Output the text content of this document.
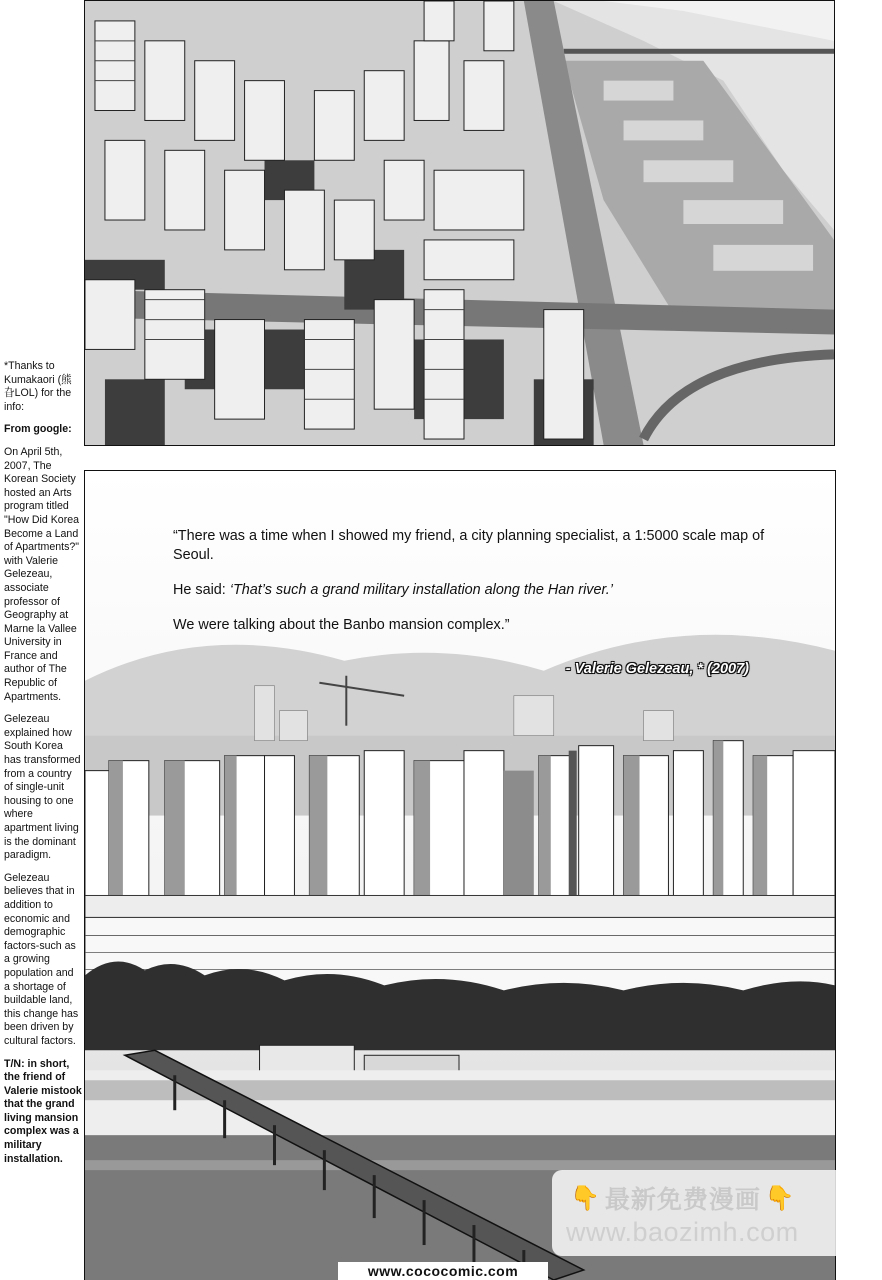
“There was a time when I showed my friend, a city planning specialist, a 1:5000 scale map of Seoul.

He said: ‘That’s such a grand military installation along the Han river.’

We were talking about the Banbo mansion complex.”

- Valerie Gelezeau, * (2007)

*Thanks to Kumakaori (熊旮LOL) for the info:

From google:

On April 5th, 2007, The Korean Society hosted an Arts program titled "How Did Korea Become a Land of Apartments?" with Valerie Gelezeau, associate professor of Geography at Marne la Vallee University in France and author of The Republic of Apartments.

Gelezeau explained how South Korea has transformed from a country of single-unit housing to one where apartment living is the dominant paradigm.

Gelezeau believes that in addition to economic and demographic factors-such as a growing population and a shortage of buildable land, this change has been driven by cultural factors.

T/N: in short, the friend of Valerie mistook that the grand living mansion complex was a military installation.

👇 最新免费漫画 👇
www.baozimh.com
www.cococomic.com
